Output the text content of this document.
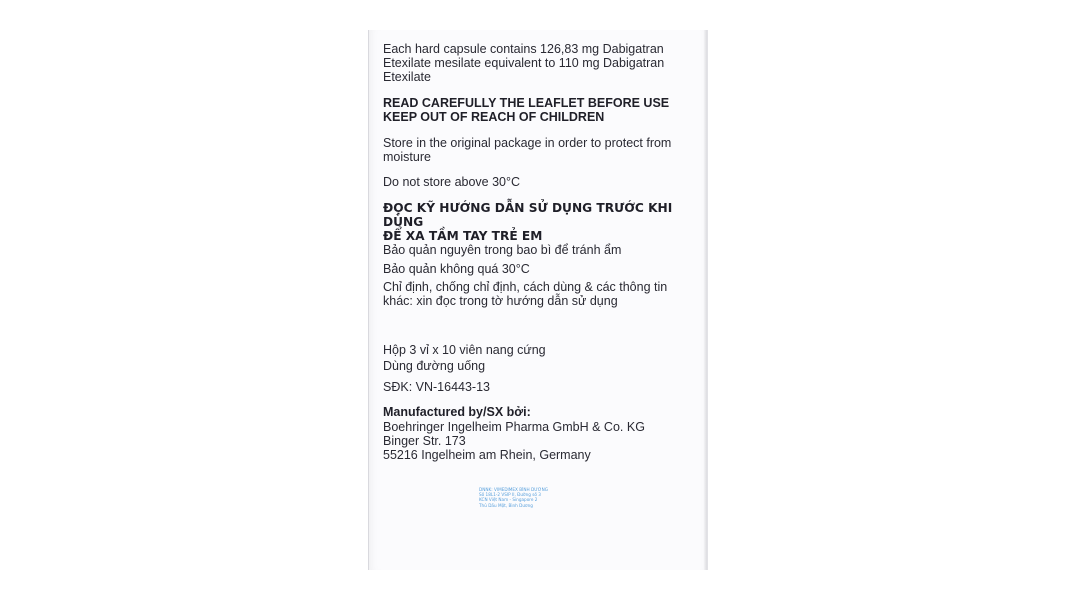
Each hard capsule contains 126,83 mg Dabigatran
Etexilate mesilate equivalent to 110 mg Dabigatran
Etexilate
READ CAREFULLY THE LEAFLET BEFORE USE
KEEP OUT OF REACH OF CHILDREN
Store in the original package in order to protect from
moisture
Do not store above 30°C
ĐỌC KỸ HƯỚNG DẪN SỬ DỤNG TRƯỚC KHI DÙNG
ĐỂ XA TẦM TAY TRẺ EM
Bảo quản nguyên trong bao bì để tránh ẩm
Bảo quản không quá 30°C
Chỉ định, chống chỉ định, cách dùng & các thông tin
khác: xin đọc trong tờ hướng dẫn sử dụng
Hộp 3 vỉ x 10 viên nang cứng
Dùng đường uống
SĐK: VN-16443-13
Manufactured by/SX bởi:
Boehringer Ingelheim Pharma GmbH & Co. KG
Binger Str. 173
55216 Ingelheim am Rhein, Germany
DNNK: VIMEDIMEX BÌNH DƯƠNG
Số 18L1-2 VSIP II, Đường số 3
KCN Việt Nam - Singapore 2
Thủ Dầu Một, Bình Dương
